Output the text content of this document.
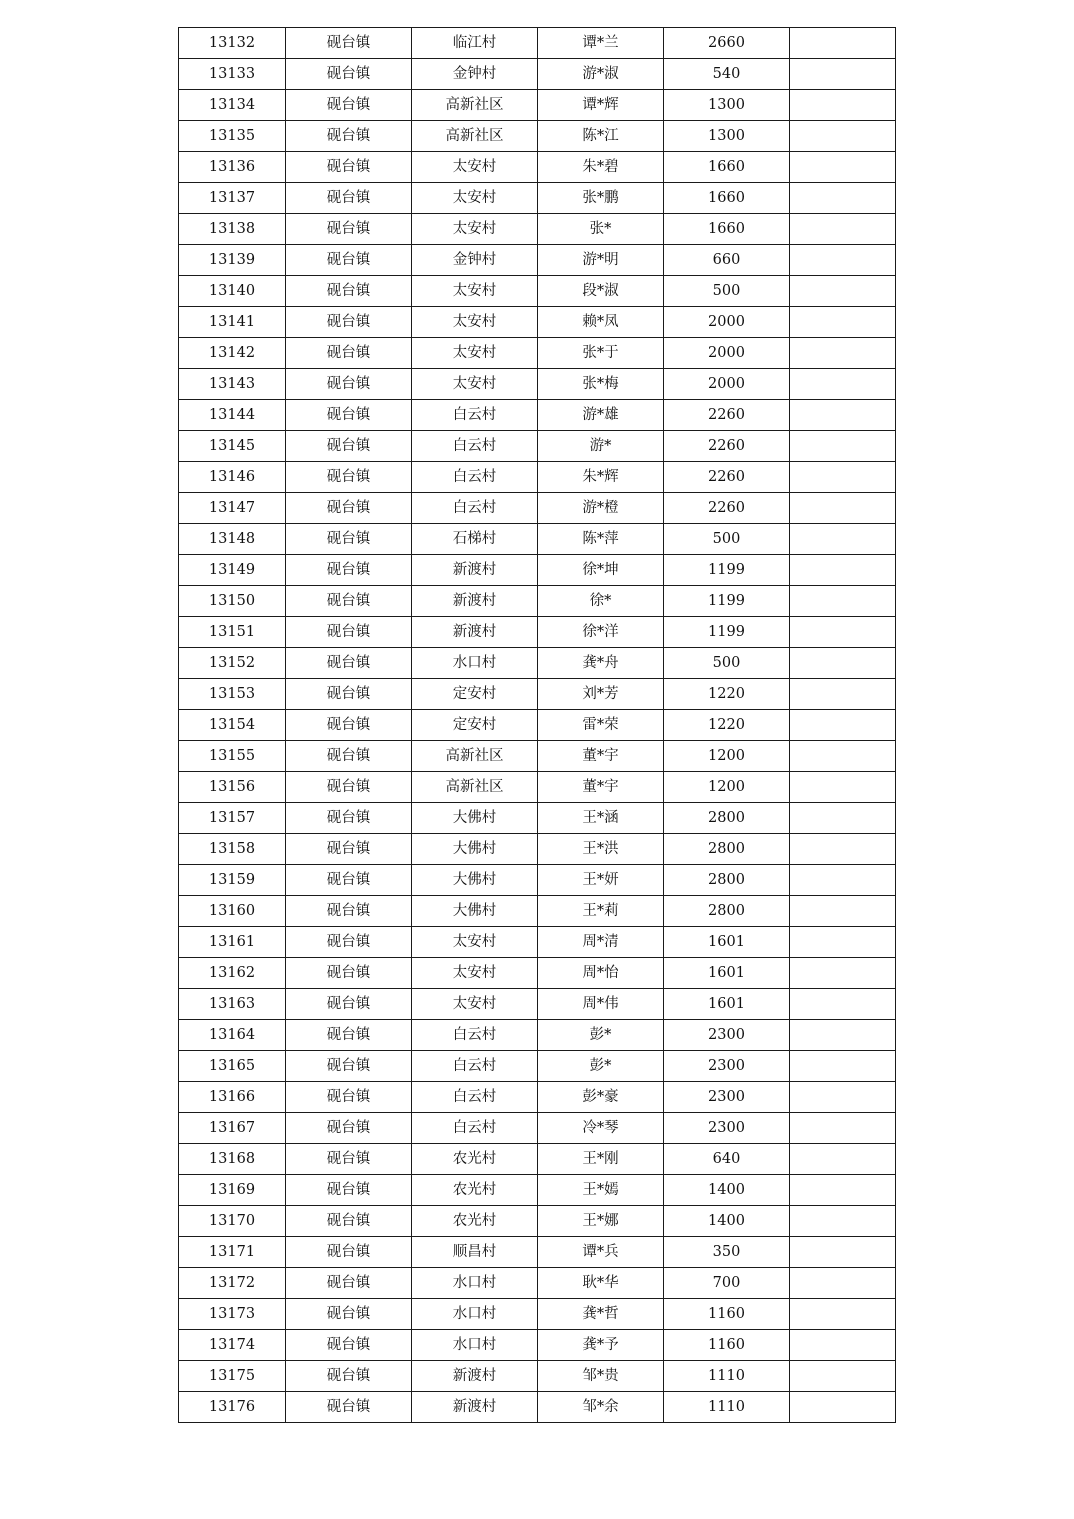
13132	砚台镇	临江村	谭*兰	2660	
13133	砚台镇	金钟村	游*淑	540	
13134	砚台镇	高新社区	谭*辉	1300	
13135	砚台镇	高新社区	陈*江	1300	
13136	砚台镇	太安村	朱*碧	1660	
13137	砚台镇	太安村	张*鹏	1660	
13138	砚台镇	太安村	张*	1660	
13139	砚台镇	金钟村	游*明	660	
13140	砚台镇	太安村	段*淑	500	
13141	砚台镇	太安村	赖*凤	2000	
13142	砚台镇	太安村	张*于	2000	
13143	砚台镇	太安村	张*梅	2000	
13144	砚台镇	白云村	游*雄	2260	
13145	砚台镇	白云村	游*	2260	
13146	砚台镇	白云村	朱*辉	2260	
13147	砚台镇	白云村	游*橙	2260	
13148	砚台镇	石梯村	陈*萍	500	
13149	砚台镇	新渡村	徐*坤	1199	
13150	砚台镇	新渡村	徐*	1199	
13151	砚台镇	新渡村	徐*洋	1199	
13152	砚台镇	水口村	龚*舟	500	
13153	砚台镇	定安村	刘*芳	1220	
13154	砚台镇	定安村	雷*荣	1220	
13155	砚台镇	高新社区	董*宇	1200	
13156	砚台镇	高新社区	董*宇	1200	
13157	砚台镇	大佛村	王*涵	2800	
13158	砚台镇	大佛村	王*洪	2800	
13159	砚台镇	大佛村	王*妍	2800	
13160	砚台镇	大佛村	王*莉	2800	
13161	砚台镇	太安村	周*清	1601	
13162	砚台镇	太安村	周*怡	1601	
13163	砚台镇	太安村	周*伟	1601	
13164	砚台镇	白云村	彭*	2300	
13165	砚台镇	白云村	彭*	2300	
13166	砚台镇	白云村	彭*豪	2300	
13167	砚台镇	白云村	冷*琴	2300	
13168	砚台镇	农光村	王*刚	640	
13169	砚台镇	农光村	王*嫣	1400	
13170	砚台镇	农光村	王*娜	1400	
13171	砚台镇	顺昌村	谭*兵	350	
13172	砚台镇	水口村	耿*华	700	
13173	砚台镇	水口村	龚*哲	1160	
13174	砚台镇	水口村	龚*予	1160	
13175	砚台镇	新渡村	邹*贵	1110	
13176	砚台镇	新渡村	邹*余	1110	
